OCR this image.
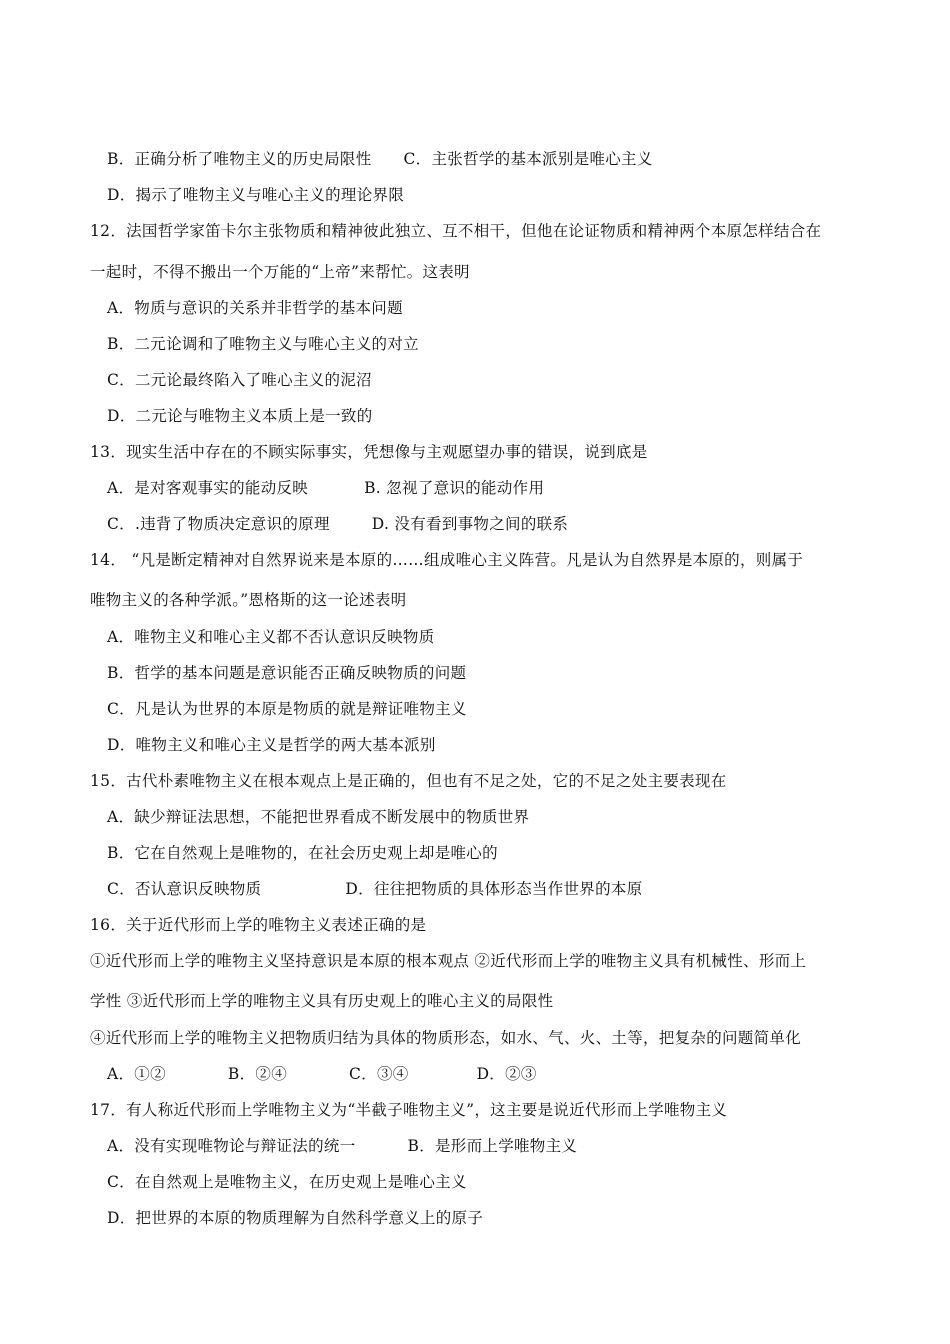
B．正确分析了唯物主义的历史局限性 C．主张哲学的基本派别是唯心主义
D．揭示了唯物主义与唯心主义的理论界限
12．法国哲学家笛卡尔主张物质和精神彼此独立、互不相干，但他在论证物质和精神两个本原怎样结合在
一起时，不得不搬出一个万能的“上帝”来帮忙。这表明
A．物质与意识的关系并非哲学的基本问题
B．二元论调和了唯物主义与唯心主义的对立
C．二元论最终陷入了唯心主义的泥沼
D．二元论与唯物主义本质上是一致的
13．现实生活中存在的不顾实际事实，凭想像与主观愿望办事的错误，说到底是
A．是对客观事实的能动反映	B. 忽视了意识的能动作用
C．.违背了物质决定意识的原理	D. 没有看到事物之间的联系
14． “凡是断定精神对自然界说来是本原的……组成唯心主义阵营。凡是认为自然界是本原的，则属于
唯物主义的各种学派。”恩格斯的这一论述表明
A．唯物主义和唯心主义都不否认意识反映物质
B．哲学的基本问题是意识能否正确反映物质的问题
C．凡是认为世界的本原是物质的就是辩证唯物主义
D．唯物主义和唯心主义是哲学的两大基本派别
15．古代朴素唯物主义在根本观点上是正确的，但也有不足之处，它的不足之处主要表现在
A．缺少辩证法思想，不能把世界看成不断发展中的物质世界
B．它在自然观上是唯物的，在社会历史观上却是唯心的
C．否认意识反映物质	D．往往把物质的具体形态当作世界的本原
16．关于近代形而上学的唯物主义表述正确的是
①近代形而上学的唯物主义坚持意识是本原的根本观点 ②近代形而上学的唯物主义具有机械性、形而上
学性 ③近代形而上学的唯物主义具有历史观上的唯心主义的局限性
④近代形而上学的唯物主义把物质归结为具体的物质形态，如水、气、火、土等，把复杂的问题简单化
A．①②	B．②④	C．③④	D．②③
17．有人称近代形而上学唯物主义为“半截子唯物主义”，这主要是说近代形而上学唯物主义
A．没有实现唯物论与辩证法的统一	B．是形而上学唯物主义
C．在自然观上是唯物主义，在历史观上是唯心主义
D．把世界的本原的物质理解为自然科学意义上的原子
